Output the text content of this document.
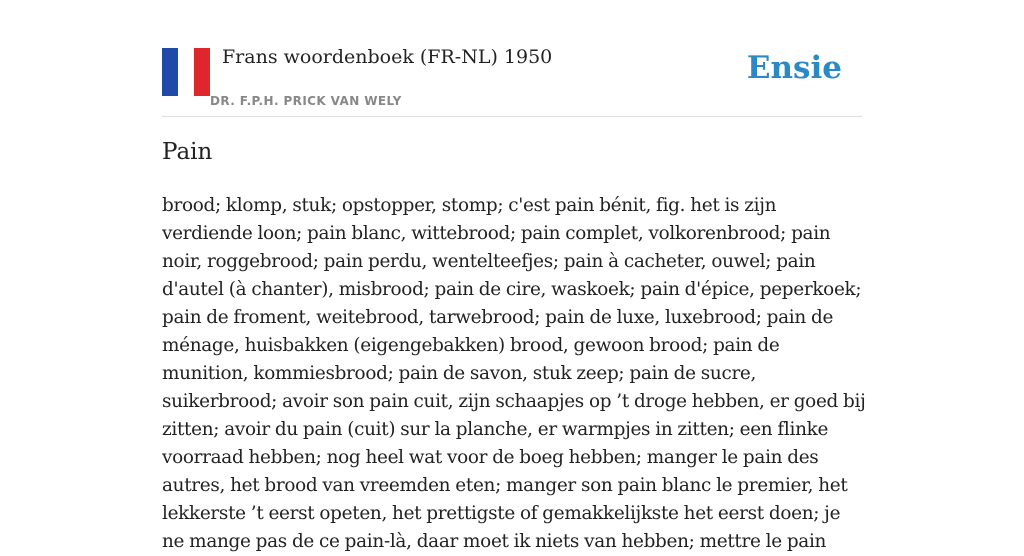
Frans woordenboek (FR-NL) 1950
DR. F.P.H. PRICK VAN WELY
Ensie
Pain

brood; klomp, stuk; opstopper, stomp; c'est pain bénit, fig. het is zijn verdiende loon; pain blanc, wittebrood; pain complet, volkorenbrood; pain noir, roggebrood; pain perdu, wentelteefjes; pain à cacheter, ouwel; pain d'autel (à chanter), misbrood; pain de cire, waskoek; pain d'épice, peperkoek; pain de froment, weitebrood, tarwebrood; pain de luxe, luxebrood; pain de ménage, huisbakken (eigengebakken) brood, gewoon brood; pain de munition, kommiesbrood; pain de savon, stuk zeep; pain de sucre, suikerbrood; avoir son pain cuit, zijn schaapjes op ’t droge hebben, er goed bij zitten; avoir du pain (cuit) sur la planche, er warmpjes in zitten; een flinke voorraad hebben; nog heel wat voor de boeg hebben; manger le pain des autres, het brood van vreemden eten; manger son pain blanc le premier, het lekkerste ’t eerst opeten, het prettigste of gemakkelijkste het eerst doen; je ne mange pas de ce pain-là, daar moet ik niets van hebben; mettre le pain
